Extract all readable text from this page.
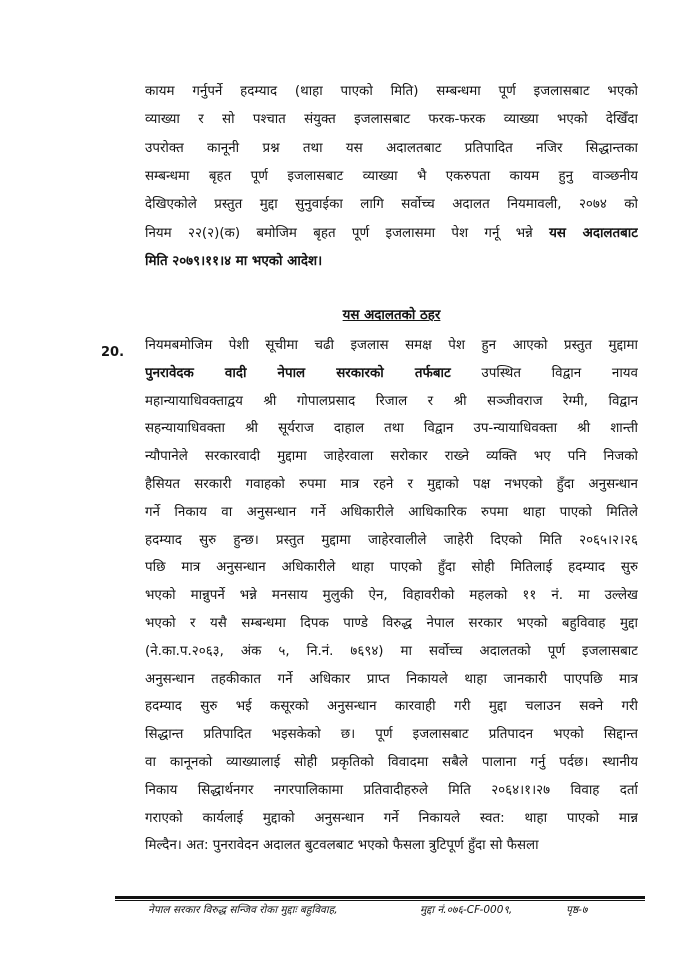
कायम गर्नुपर्ने हदम्याद (थाहा पाएको मिति) सम्बन्धमा पूर्ण इजलासबाट भएको
व्याख्या र सो पश्चात संयुक्त इजलासबाट फरक-फरक व्याख्या भएको देखिँदा
उपरोक्त कानूनी प्रश्न तथा यस अदालतबाट प्रतिपादित नजिर सिद्धान्तका
सम्बन्धमा बृहत पूर्ण इजलासबाट व्याख्या भै एकरुपता कायम हुनु वाञ्छनीय
देखिएकोले प्रस्तुत मुद्दा सुनुवाईका लागि सर्वोच्च अदालत नियमावली, २०७४ को
नियम २२(२)(क) बमोजिम बृहत पूर्ण इजलासमा पेश गर्नू भन्ने यस अदालतबाट
मिति २०७९।११।४ मा भएको आदेश।
यस अदालतको ठहर
20. नियमबमोजिम पेशी सूचीमा चढी इजलास समक्ष पेश हुन आएको प्रस्तुत मुद्दामा
पुनरावेदक वादी नेपाल सरकारको तर्फबाट उपस्थित विद्वान नायव
महान्यायाधिवक्ताद्वय श्री गोपालप्रसाद रिजाल र श्री सञ्जीवराज रेग्मी, विद्वान
सहन्यायाधिवक्ता श्री सूर्यराज दाहाल तथा विद्वान उप-न्यायाधिवक्ता श्री शान्ती
न्यौपानेले सरकारवादी मुद्दामा जाहेरवाला सरोकार राख्ने व्यक्ति भए पनि निजको
हैसियत सरकारी गवाहको रुपमा मात्र रहने र मुद्दाको पक्ष नभएको हुँदा अनुसन्धान
गर्ने निकाय वा अनुसन्धान गर्ने अधिकारीले आधिकारिक रुपमा थाहा पाएको मितिले
हदम्याद सुरु हुन्छ। प्रस्तुत मुद्दामा जाहेरवालीले जाहेरी दिएको मिति २०६५।२।२६
पछि मात्र अनुसन्धान अधिकारीले थाहा पाएको हुँदा सोही मितिलाई हदम्याद सुरु
भएको मान्नुपर्ने भन्ने मनसाय मुलुकी ऐन, विहावरीको महलको ११ नं. मा उल्लेख
भएको र यसै सम्बन्धमा दिपक पाण्डे विरुद्ध नेपाल सरकार भएको बहुविवाह मुद्दा
(ने.का.प.२०६३, अंक ५, नि.नं. ७६९४) मा सर्वोच्च अदालतको पूर्ण इजलासबाट
अनुसन्धान तहकीकात गर्ने अधिकार प्राप्त निकायले थाहा जानकारी पाएपछि मात्र
हदम्याद सुरु भई कसूरको अनुसन्धान कारवाही गरी मुद्दा चलाउन सक्ने गरी
सिद्धान्त प्रतिपादित भइसकेको छ। पूर्ण इजलासबाट प्रतिपादन भएको सिद्दान्त
वा कानूनको व्याख्यालाई सोही प्रकृतिको विवादमा सबैले पालाना गर्नु पर्दछ। स्थानीय
निकाय सिद्धार्थनगर नगरपालिकामा प्रतिवादीहरुले मिति २०६४।१।२७ विवाह दर्ता
गराएको कार्यलाई मुद्दाको अनुसन्धान गर्ने निकायले स्वत: थाहा पाएको मान्न
मिल्दैन। अत: पुनरावेदन अदालत बुटवलबाट भएको फैसला त्रुटिपूर्ण हुँदा सो फैसला
नेपाल सरकार विरुद्ध सन्जिव रोका मुद्दाः बहुविवाह,	मुद्दा नं.०७६-CF-000९,	पृष्ठ-७
